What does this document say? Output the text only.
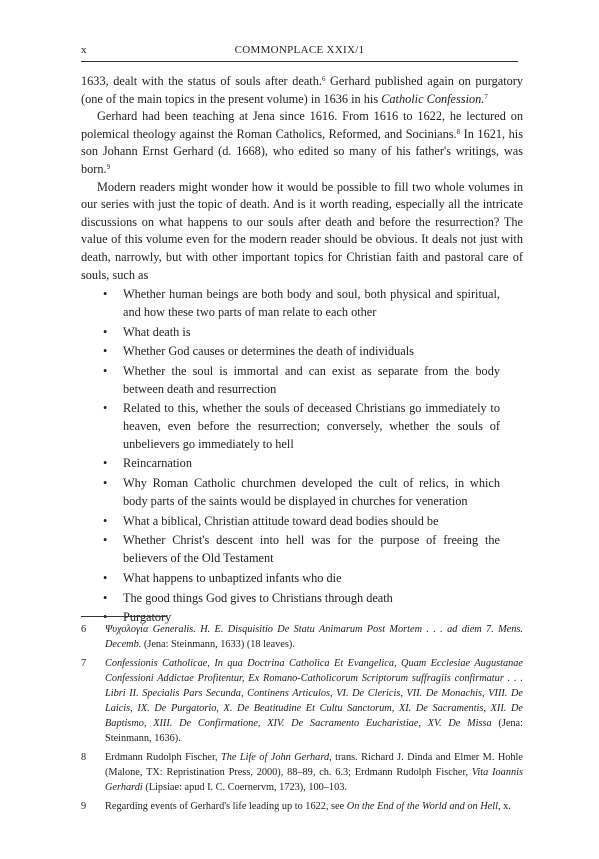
x	COMMONPLACE XXIX/1

1633, dealt with the status of souls after death.$^6$ Gerhard published again on purgatory (one of the main topics in the present volume) in 1636 in his Catholic Confession.$^7$

Gerhard had been teaching at Jena since 1616. From 1616 to 1622, he lectured on polemical theology against the Roman Catholics, Reformed, and Socinians.$^8$ In 1621, his son Johann Ernst Gerhard (d. 1668), who edited so many of his father's writings, was born.$^9$

Modern readers might wonder how it would be possible to fill two whole volumes in our series with just the topic of death. And is it worth reading, especially all the intricate discussions on what happens to our souls after death and before the resurrection? The value of this volume even for the modern reader should be obvious. It deals not just with death, narrowly, but with other important topics for Christian faith and pastoral care of souls, such as

• Whether human beings are both body and soul, both physical and spiritual, and how these two parts of man relate to each other
• What death is
• Whether God causes or determines the death of individuals
• Whether the soul is immortal and can exist as separate from the body between death and resurrection
• Related to this, whether the souls of deceased Christians go immediately to heaven, even before the resurrection; conversely, whether the souls of unbelievers go immediately to hell
• Reincarnation
• Why Roman Catholic churchmen developed the cult of relics, in which body parts of the saints would be displayed in churches for veneration
• What a biblical, Christian attitude toward dead bodies should be
• Whether Christ's descent into hell was for the purpose of freeing the believers of the Old Testament
• What happens to unbaptized infants who die
• The good things God gives to Christians through death
• Purgatory
6 Ψυχολογία Generalis. H. E. Disquisitio De Statu Animarum Post Mortem . . . ad diem 7. Mens. Decemb. (Jena: Steinmann, 1633) (18 leaves).
7 Confessionis Catholicae, In qua Doctrina Catholica Et Evangelica, Quam Ecclesiae Augustanae Confessioni Addictae Profitentur, Ex Romano-Catholicorum Scriptorum suffragiis confirmatur . . . Libri II. Specialis Pars Secunda, Continens Articulos, VI. De Clericis, VII. De Monachis, VIII. De Laicis, IX. De Purgatorio, X. De Beatitudine Et Cultu Sanctorum, XI. De Sacramentis, XII. De Baptismo, XIII. De Confirmatione, XIV. De Sacramento Eucharistiae, XV. De Missa (Jena: Steinmann, 1636).
8 Erdmann Rudolph Fischer, The Life of John Gerhard, trans. Richard J. Dinda and Elmer M. Hohle (Malone, TX: Repristination Press, 2000), 88–89, ch. 6.3; Erdmann Rudolph Fischer, Vita Ioannis Gerhardi (Lipsiae: apud I. C. Coernervm, 1723), 100–103.
9 Regarding events of Gerhard's life leading up to 1622, see On the End of the World and on Hell, x.
